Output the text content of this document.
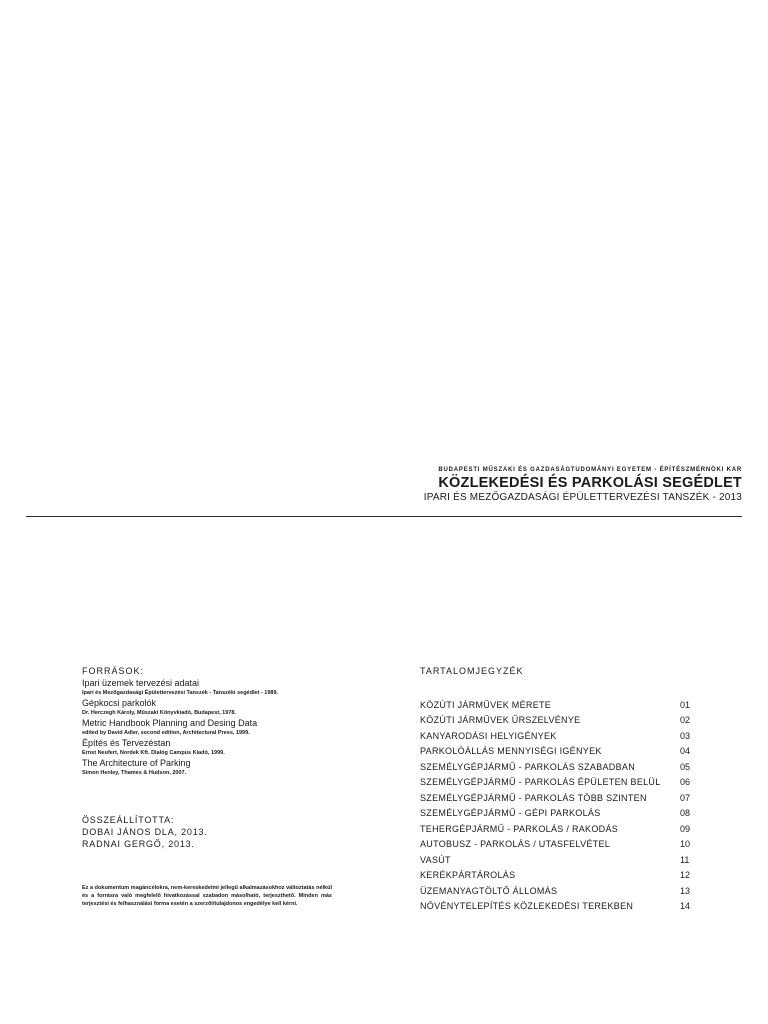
BUDAPESTI MŰSZAKI ÉS GAZDASÁGTUDOMÁNYI EGYETEM - ÉPÍTÉSZMÉRNÖKI KAR

KÖZLEKEDÉSI ÉS PARKOLÁSI SEGÉDLET

IPARI ÉS MEZŐGAZDASÁGI ÉPÜLETTERVEZÉSI TANSZÉK - 2013

FORRÁSOK:
Ipari üzemek tervezési adatai
Ipari és Mezőgazdasági Épülettervezési Tanszék - Tanszéki segédlet - 1989.
Gépkocsi parkolók
Dr. Herczegh Károly, Műszaki Könyvkiadó, Budapest, 1978.
Metric Handbook Planning and Desing Data
edited by David Adler, second edition, Architectural Press, 1999.
Építés és Tervezéstan
Ernst Neufert, Nordek Kft. Dialóg Campus Kiadó, 1999.
The Architecture of Parking
Simon Henley, Thames & Hudson, 2007.
ÖSSZEÁLLÍTOTTA:
DOBAI JÁNOS DLA, 2013.
RADNAI GERGŐ, 2013.
Ez a dokumentum magáncélokra, nem-kereskedelmi jellegű alkalmazásokhoz változtatás nélkül és a forrásra való megfelelő hivatkozással szabadon másolható, terjeszthető. Minden más terjesztési és felhasználási forma esetén a szerzői/tulajdonos engedélye kell kérni.
TARTALOMJEGYZÉK
KÖZÚTI JÁRMŰVEK MÉRETE	01
KÖZÚTI JÁRMŰVEK ŰRSZELVÉNYE	02
KANYARODÁSI HELYIGÉNYEK	03
PARKOLÓÁLLÁS MENNYISÉGI IGÉNYEK	04
SZEMÉLYGÉPJÁRMŰ - PARKOLÁS SZABADBAN	05
SZEMÉLYGÉPJÁRMŰ - PARKOLÁS ÉPÜLETEN BELÜL 06
SZEMÉLYGÉPJÁRMŰ - PARKOLÁS TÖBB SZINTEN	07
SZEMÉLYGÉPJÁRMŰ - GÉPI PARKOLÁS	08
TEHERGÉPJÁRMŰ - PARKOLÁS / RAKODÁS	09
AUTOBUSZ - PARKOLÁS / UTASFELVÉTEL	10
VASÚT	11
KERÉKPÁRTÁROLÁS	12
ÜZEMANYAGTÖLTŐ ÁLLOMÁS	13
NÖVÉNYTELEPÍTÉS KÖZLEKEDÉSI TEREKBEN	14
